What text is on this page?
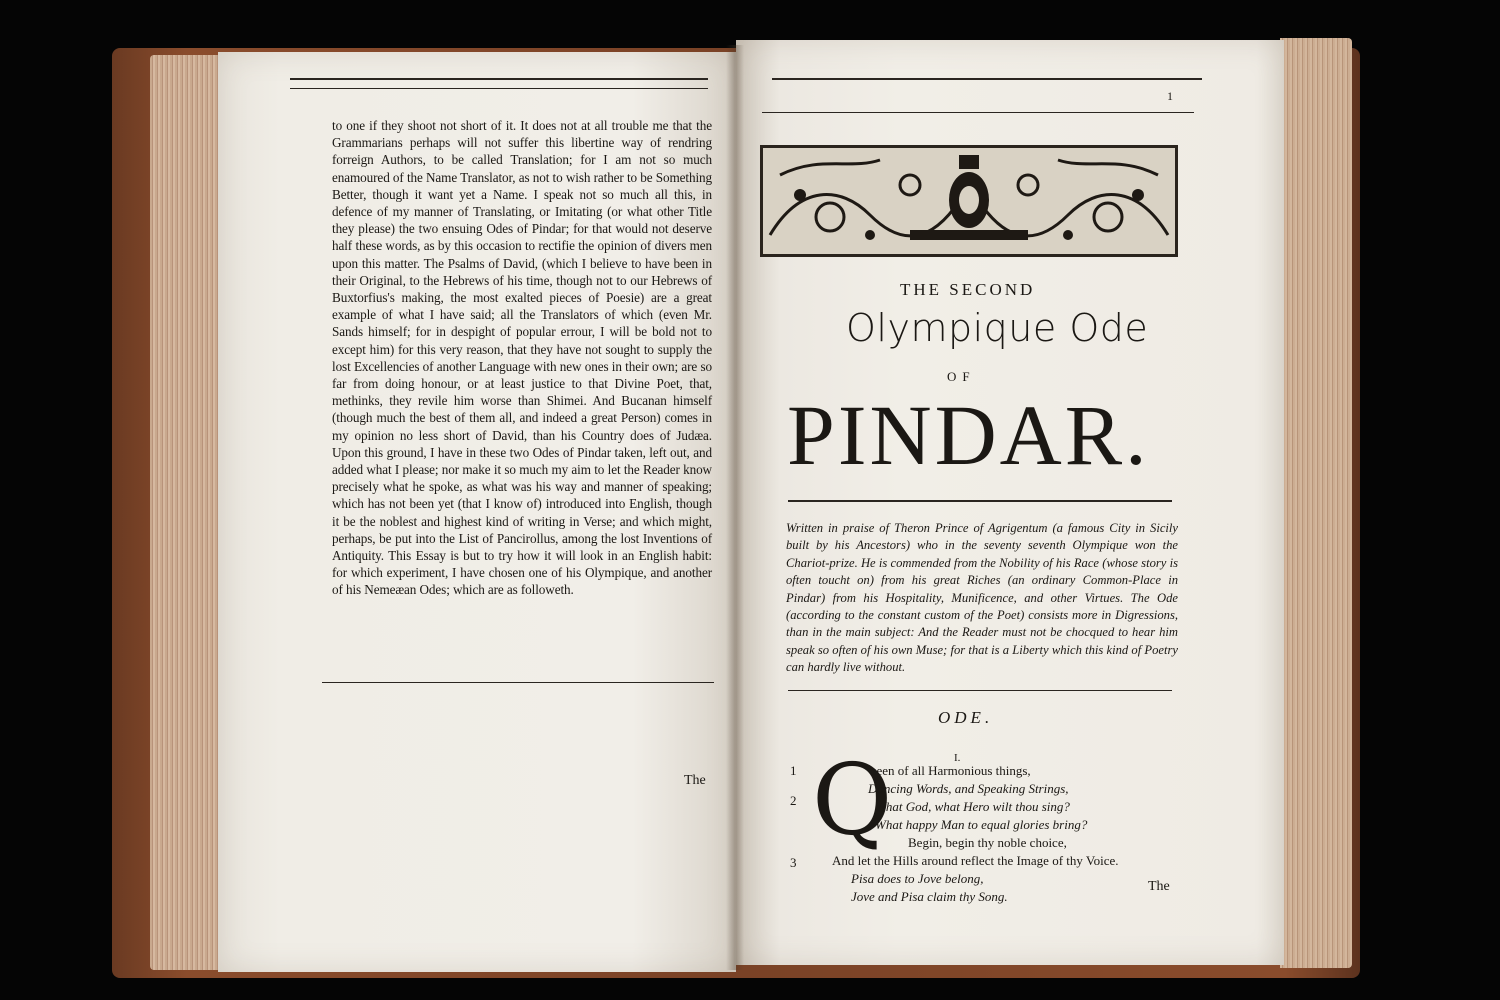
to one if they shoot not short of it. It does not at all trouble me that the Grammarians perhaps will not suffer this libertine way of rendring forreign Authors, to be called Translation; for I am not so much enamoured of the Name Translator, as not to wish rather to be Something Better, though it want yet a Name. I speak not so much all this, in defence of my manner of Translating, or Imitating (or what other Title they please) the two ensuing Odes of Pindar; for that would not deserve half these words, as by this occasion to rectifie the opinion of divers men upon this matter. The Psalms of David, (which I believe to have been in their Original, to the Hebrews of his time, though not to our Hebrews of Buxtorfius's making, the most exalted pieces of Poesie) are a great example of what I have said; all the Translators of which (even Mr. Sands himself; for in despight of popular errour, I will be bold not to except him) for this very reason, that they have not sought to supply the lost Excellencies of another Language with new ones in their own; are so far from doing honour, or at least justice to that Divine Poet, that, methinks, they revile him worse than Shimei. And Bucanan himself (though much the best of them all, and indeed a great Person) comes in my opinion no less short of David, than his Country does of Judæa. Upon this ground, I have in these two Odes of Pindar taken, left out, and added what I please; nor make it so much my aim to let the Reader know precisely what he spoke, as what was his way and manner of speaking; which has not been yet (that I know of) introduced into English, though it be the noblest and highest kind of writing in Verse; and which might, perhaps, be put into the List of Pancirollus, among the lost Inventions of Antiquity. This Essay is but to try how it will look in an English habit: for which experiment, I have chosen one of his Olympique, and another of his Nemeæan Odes; which are as followeth.

The
1
THE SECOND
Olympique Ode
OF
PINDAR.
Written in praise of Theron Prince of Agrigentum (a famous City in Sicily built by his Ancestors) who in the seventy seventh Olympique won the Chariot-prize. He is commended from the Nobility of his Race (whose story is often toucht on) from his great Riches (an ordinary Common-Place in Pindar) from his Hospitality, Munificence, and other Virtues. The Ode (according to the constant custom of the Poet) consists more in Digressions, than in the main subject: And the Reader must not be chocqued to hear him speak so often of his own Muse; for that is a Liberty which this kind of Poetry can hardly live without.
ODE.
I.
Q
ueen of all Harmonious things,
Dancing Words, and Speaking Strings,
What God, what Hero wilt thou sing?
What happy Man to equal glories bring?
Begin, begin thy noble choice,
And let the Hills around reflect the Image of thy Voice.
Pisa does to Jove belong,
Jove and Pisa claim thy Song.
1
2
3
The
